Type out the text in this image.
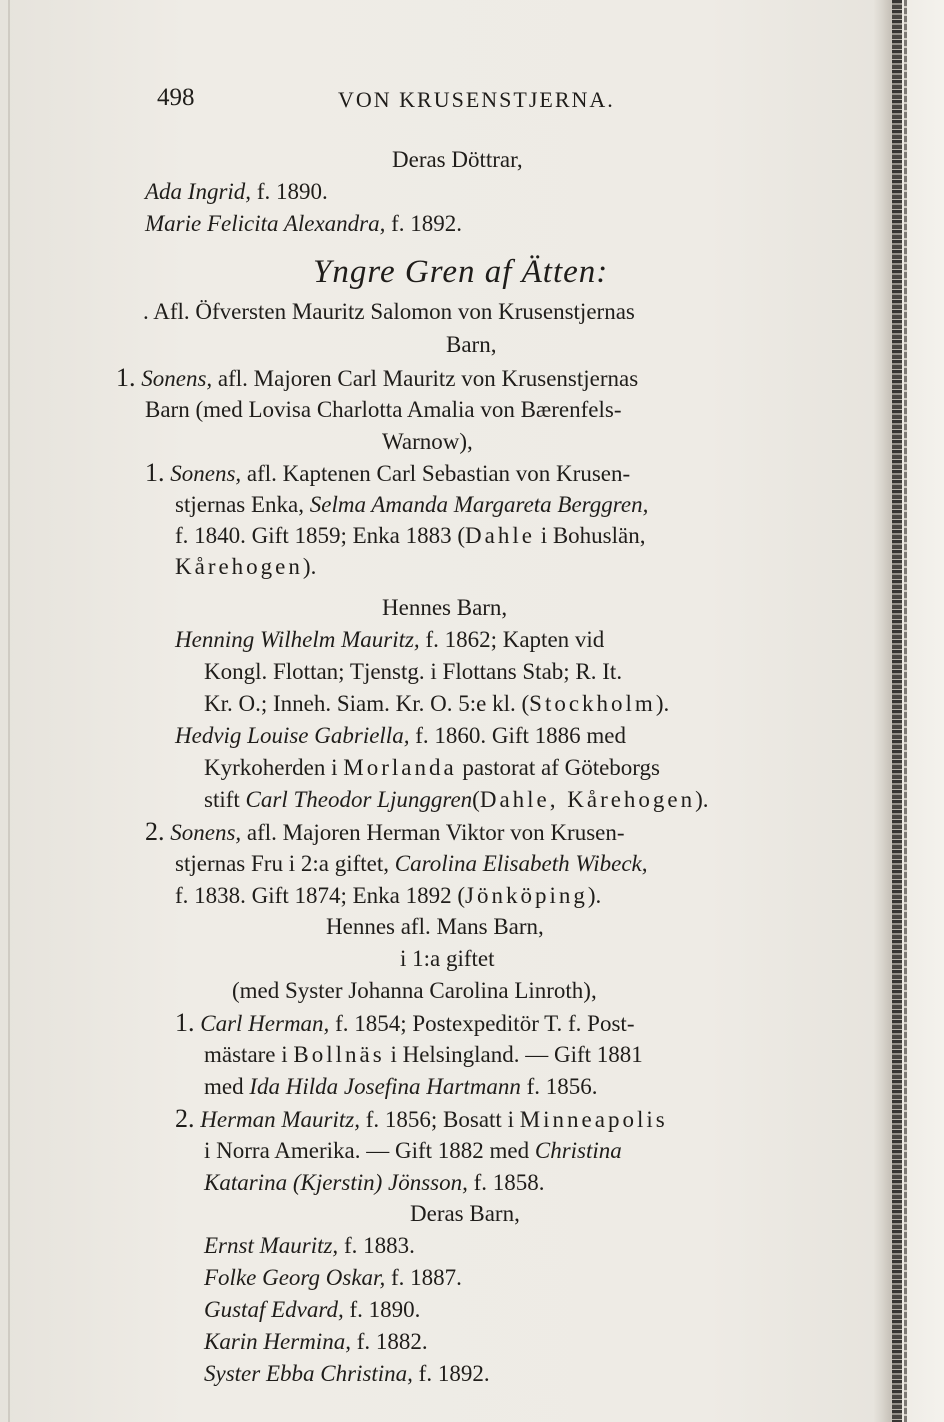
498	VON KRUSENSTJERNA.
Deras Döttrar,
Ada Ingrid, f. 1890.
Marie Felicita Alexandra, f. 1892.
Yngre Gren af Ätten:
. Afl. Öfversten Mauritz Salomon von Krusenstjernas
Barn,
1. Sonens, afl. Majoren Carl Mauritz von Krusenstjernas
Barn (med Lovisa Charlotta Amalia von Bærenfels-
Warnow),
1. Sonens, afl. Kaptenen Carl Sebastian von Krusen-
stjernas Enka, Selma Amanda Margareta Berggren,
f. 1840. Gift 1859; Enka 1883 (Dahle i Bohuslän,
Kårehogen).
Hennes Barn,
Henning Wilhelm Mauritz, f. 1862; Kapten vid
Kongl. Flottan; Tjenstg. i Flottans Stab; R. It.
Kr. O.; Inneh. Siam. Kr. O. 5:e kl. (Stockholm).
Hedvig Louise Gabriella, f. 1860. Gift 1886 med
Kyrkoherden i Morlanda pastorat af Göteborgs
stift Carl Theodor Ljunggren(Dahle, Kårehogen).
2. Sonens, afl. Majoren Herman Viktor von Krusen-
stjernas Fru i 2:a giftet, Carolina Elisabeth Wibeck,
f. 1838. Gift 1874; Enka 1892 (Jönköping).
Hennes afl. Mans Barn,
i 1:a giftet
(med Syster Johanna Carolina Linroth),
1. Carl Herman, f. 1854; Postexpeditör T. f. Post-
mästare i Bollnäs i Helsingland. — Gift 1881
med Ida Hilda Josefina Hartmann f. 1856.
2. Herman Mauritz, f. 1856; Bosatt i Minneapolis
i Norra Amerika. — Gift 1882 med Christina
Katarina (Kjerstin) Jönsson, f. 1858.
Deras Barn,
Ernst Mauritz, f. 1883.
Folke Georg Oskar, f. 1887.
Gustaf Edvard, f. 1890.
Karin Hermina, f. 1882.
Syster Ebba Christina, f. 1892.
